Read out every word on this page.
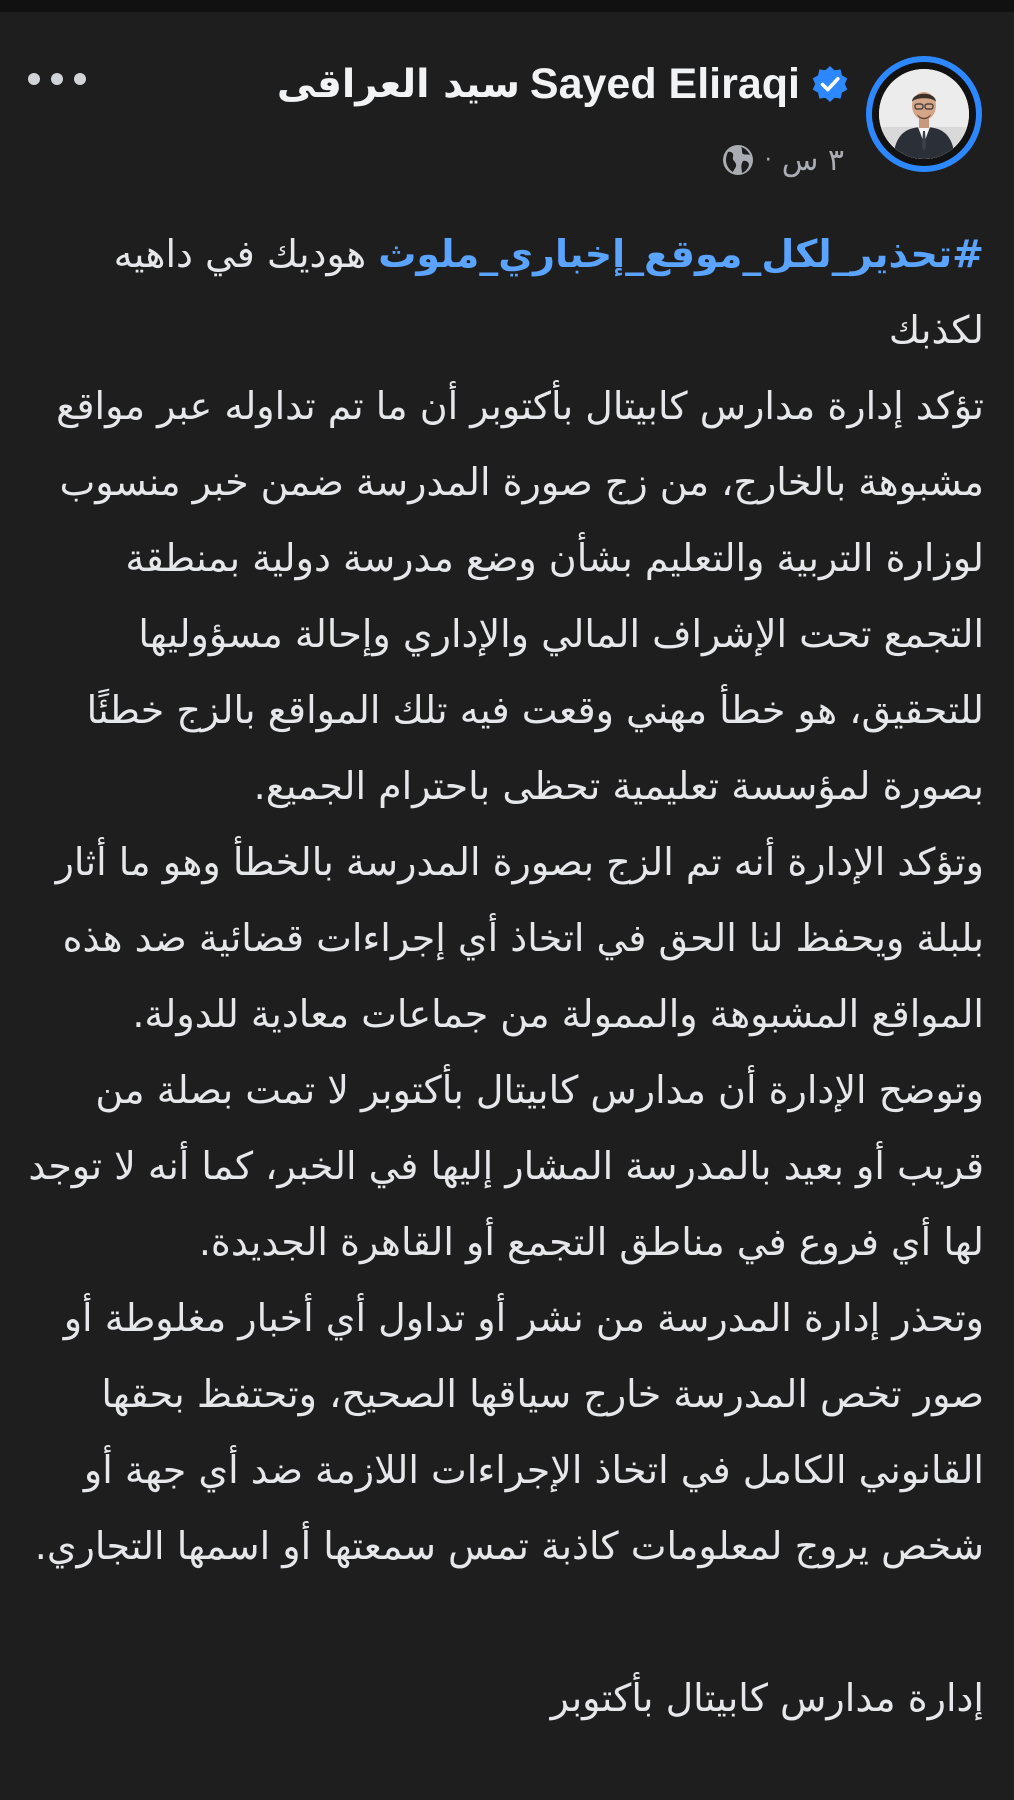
سيد العراقى Sayed Eliraqi
· ٣ س

#تحذير_لكل_موقع_إخباري_ملوث هوديك في داهيه لكذبك

تؤكد إدارة مدارس كابيتال بأكتوبر أن ما تم تداوله عبر مواقع مشبوهة بالخارج، من زج صورة المدرسة ضمن خبر منسوب لوزارة التربية والتعليم بشأن وضع مدرسة دولية بمنطقة التجمع تحت الإشراف المالي والإداري وإحالة مسؤوليها للتحقيق، هو خطأ مهني وقعت فيه تلك المواقع بالزج خطئًا بصورة لمؤسسة تعليمية تحظى باحترام الجميع.

وتؤكد الإدارة أنه تم الزج بصورة المدرسة بالخطأ وهو ما أثار بلبلة ويحفظ لنا الحق في اتخاذ أي إجراءات قضائية ضد هذه المواقع المشبوهة والممولة من جماعات معادية للدولة.

وتوضح الإدارة أن مدارس كابيتال بأكتوبر لا تمت بصلة من قريب أو بعيد بالمدرسة المشار إليها في الخبر، كما أنه لا توجد لها أي فروع في مناطق التجمع أو القاهرة الجديدة.

وتحذر إدارة المدرسة من نشر أو تداول أي أخبار مغلوطة أو صور تخص المدرسة خارج سياقها الصحيح، وتحتفظ بحقها القانوني الكامل في اتخاذ الإجراءات اللازمة ضد أي جهة أو شخص يروج لمعلومات كاذبة تمس سمعتها أو اسمها التجاري.

إدارة مدارس كابيتال بأكتوبر
